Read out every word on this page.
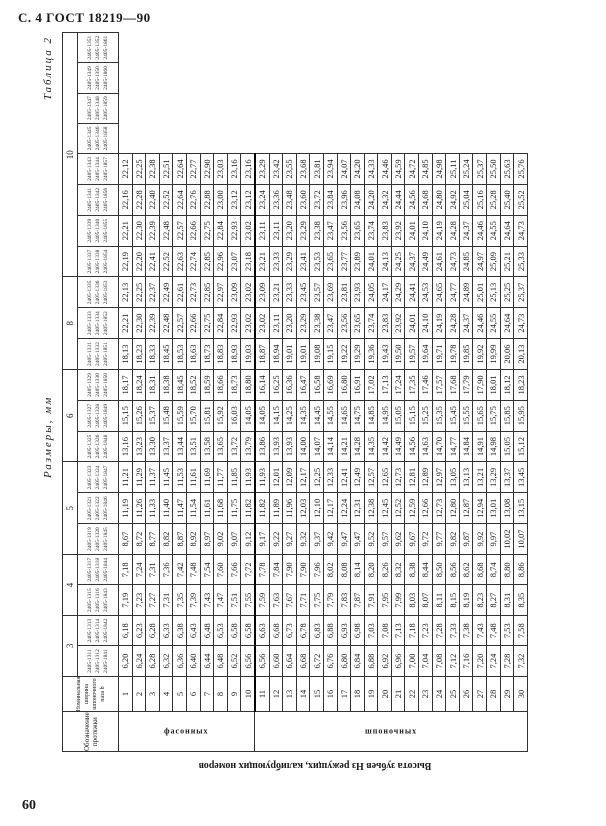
С. 4 ГОСТ 18219—90
Размеры, мм
Таблица 2
Высота зубьев Hз режущих, калибрующих номеров
Обозначение протяжки	Номинальная ширина шпоночного паза b	3		4		5			6			8			10							
		2405-1311 2405-1312 2405-1841	2405-1313 2405-1314 2405-1842	2405-1315 2405-1316 2405-1843	2405-1317 2405-1318 2405-1844	2405-1319 2405-1320 2405-1845	2405-1321 2405-1322 2405-1846	2405-1323 2405-1324 2405-1847	2405-1325 2405-1326 2405-1848	2405-1327 2405-1328 2405-1849	2405-1329 2405-1330 2405-1850	2405-1331 2405-1332 2405-1851	2405-1333 2405-1334 2405-1852	2405-1335 2405-1336 2405-1853	2405-1337 2405-1338 2405-1854	2405-1339 2405-1340 2405-1855	2405-1341 2405-1342 2405-1856	2405-1343 2405-1344 2405-1857	2405-1345 2405-1346 2405-1858	2405-1347 2405-1348 2405-1859	2405-1349 2405-1350 2405-1860	2405-1351 2405-1352 2405-1861
фасонных	1	6,20	6,18	7,19	7,18	8,67	11,19	11,21	13,16	15,15	18,17	18,13	22,21	22,13	22,19	22,21	22,16	22,12				
	2	6,24	6,23	7,23	7,24	8,72	11,26	11,29	13,23	15,26	18,24	18,23	22,30	22,25	22,20	22,30	22,28	22,25				
	3	6,28	6,28	7,27	7,31	8,77	11,33	11,37	13,30	15,37	18,31	18,33	22,39	22,37	22,41	22,39	22,40	22,38				
	4	6,32	6,33	7,31	7,36	8,82	11,40	11,45	13,37	15,48	18,38	18,45	22,48	22,49	22,52	22,48	22,52	22,51				
	5	6,36	6,38	7,35	7,42	8,87	11,47	11,53	13,44	15,59	18,45	18,53	22,57	22,61	22,63	22,57	22,64	22,64				
	6	6,40	6,43	7,39	7,48	8,92	11,54	11,61	13,51	15,70	18,52	18,63	22,66	22,73	22,74	22,66	22,76	22,77				
	7	6,44	6,48	7,43	7,54	8,97	11,61	11,69	13,58	15,81	18,59	18,73	22,75	22,85	22,85	22,75	22,88	22,90				
	8	6,48	6,53	7,47	7,60	9,02	11,68	11,77	13,65	15,92	18,66	18,83	22,84	22,97	22,96	22,84	23,00	23,03				
	9	6,52	6,58	7,51	7,66	9,07	11,75	11,85	13,72	16,03	18,73	18,93	22,93	23,09	23,07	22,93	23,12	23,16				
	10	6,56	6,58	7,55	7,72	9,12	11,82	11,93	13,79	14,05	18,80	19,03	23,02	23,02	23,18	23,02	23,12	23,16				
шпоночных	11	6,56	6,63	7,59	7,78	9,17	11,82	11,93	13,86	14,05	16,14	18,87	23,02	23,09	23,21	23,11	23,24	23,29				
	12	6,60	6,68	7,63	7,84	9,22	11,89	12,01	13,93	14,15	16,25	18,94	23,11	23,21	23,33	23,11	23,36	23,42				
	13	6,64	6,73	7,67	7,90	9,27	11,96	12,09	13,93	14,25	16,36	19,01	23,20	23,33	23,29	23,20	23,48	23,55				
	14	6,68	6,78	7,71	7,90	9,32	12,03	12,17	14,00	14,35	16,47	19,01	23,29	23,45	23,41	23,29	23,60	23,68				
	15	6,72	6,83	7,75	7,96	9,37	12,10	12,25	14,07	14,45	16,58	19,08	23,38	23,57	23,53	23,38	23,72	23,81				
	16	6,76	6,88	7,79	8,02	9,42	12,17	12,33	14,14	14,55	16,69	19,15	23,47	23,69	23,65	23,47	23,84	23,94				
	17	6,80	6,93	7,83	8,08	9,47	12,24	12,41	14,21	14,65	16,80	19,22	23,56	23,81	23,77	23,56	23,96	24,07				
	18	6,84	6,98	7,87	8,14	9,47	12,31	12,49	14,28	14,75	16,91	19,29	23,65	23,93	23,89	23,65	24,08	24,20				
	19	6,88	7,03	7,91	8,20	9,52	12,38	12,57	14,35	14,85	17,02	19,36	23,74	24,05	24,01	23,74	24,20	24,33				
	20	6,92	7,08	7,95	8,26	9,57	12,45	12,65	14,42	14,95	17,13	19,43	23,83	24,17	24,13	23,83	24,32	24,46				
	21	6,96	7,13	7,99	8,32	9,62	12,52	12,73	14,49	15,05	17,24	19,50	23,92	24,29	24,25	23,92	24,44	24,59				
	22	7,00	7,18	8,03	8,38	9,67	12,59	12,81	14,56	15,15	17,35	19,57	24,01	24,41	24,37	24,01	24,56	24,72				
	23	7,04	7,23	8,07	8,44	9,72	12,66	12,89	14,63	15,25	17,46	19,64	24,10	24,53	24,49	24,10	24,68	24,85				
	24	7,08	7,28	8,11	8,50	9,77	12,73	12,97	14,70	15,35	17,57	19,71	24,19	24,65	24,61	24,19	24,80	24,98				
	25	7,12	7,33	8,15	8,56	9,82	12,80	13,05	14,77	15,45	17,68	19,78	24,28	24,77	24,73	24,28	24,92	25,11				
	26	7,16	7,38	8,19	8,62	9,87	12,87	13,13	14,84	15,55	17,79	19,85	24,37	24,89	24,85	24,37	25,04	25,24				
	27	7,20	7,43	8,23	8,68	9,92	12,94	13,21	14,91	15,65	17,90	19,92	24,46	25,01	24,97	24,46	25,16	25,37				
	28	7,24	7,48	8,27	8,74	9,97	13,01	13,29	14,98	15,75	18,01	19,99	24,55	25,13	25,09	24,55	25,28	25,50				
	29	7,28	7,53	8,31	8,80	10,02	13,08	13,37	15,05	15,85	18,12	20,06	24,64	25,25	25,21	24,64	25,40	25,63				
	30	7,32	7,58	8,35	8,86	10,07	13,15	13,45	15,12	15,95	18,23	20,13	24,73	25,37	25,33	24,73	25,52	25,76				
60
